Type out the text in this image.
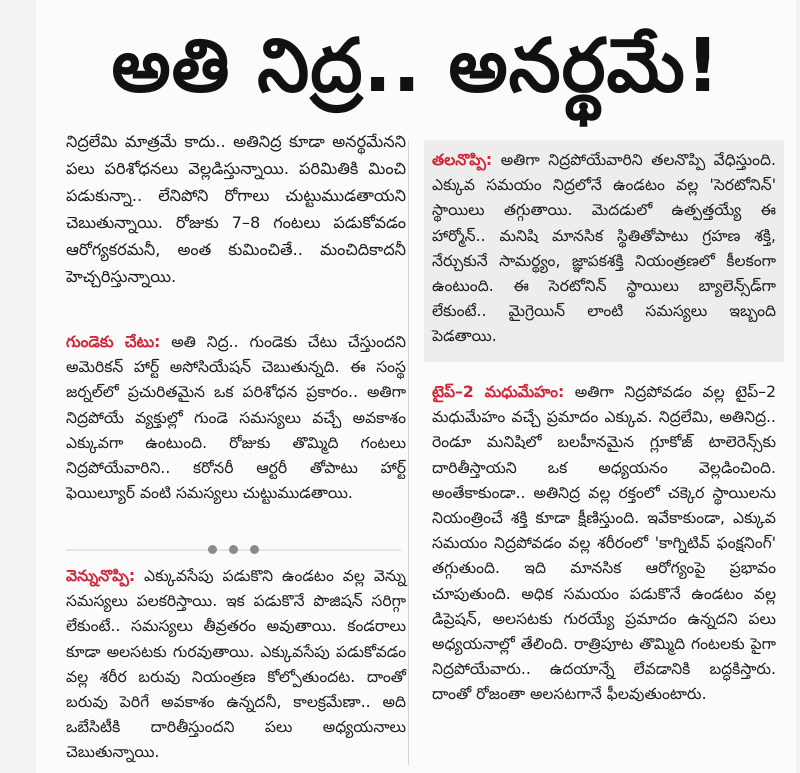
అతి నిద్ర.. అనర్థమే!

నిద్రలేమి మాత్రమే కాదు.. అతినిద్ర కూడా అనర్థమేనని పలు పరిశోధనలు వెల్లడిస్తున్నాయి. పరిమితికి మించి పడుకున్నా.. లేనిపోని రోగాలు చుట్టుముడతాయని చెబుతున్నాయి. రోజుకు 7–8 గంటలు పడుకోవడం ఆరోగ్యకరమనీ, అంత కుమించితే.. మంచిదికాదనీ హెచ్చరిస్తున్నాయి.

గుండెకు చేటు: అతి నిద్ర.. గుండెకు చేటు చేస్తుందని అమెరికన్ హార్ట్ అసోసియేషన్ చెబుతున్నది. ఈ సంస్థ జర్నల్‌లో ప్రచురితమైన ఒక పరిశోధన ప్రకారం.. అతిగా నిద్రపోయే వ్యక్తుల్లో గుండె సమస్యలు వచ్చే అవకాశం ఎక్కువగా ఉంటుంది. రోజుకు తొమ్మిది గంటలు నిద్రపోయేవారిని.. కరోనరీ ఆర్టరీ తోపాటు హార్ట్ ఫెయిల్యూర్ వంటి సమస్యలు చుట్టుముడతాయి.

వెన్నునొప్పి: ఎక్కువసేపు పడుకొని ఉండటం వల్ల వెన్ను సమస్యలు పలకరిస్తాయి. ఇక పడుకొనే పొజిషన్ సరిగ్గా లేకుంటే.. సమస్యలు తీవ్రతరం అవుతాయి. కండరాలు కూడా అలసటకు గురవుతాయి. ఎక్కువసేపు పడుకోవడం వల్ల శరీర బరువు నియంత్రణ కోల్పోతుందట. దాంతో బరువు పెరిగే అవకాశం ఉన్నదనీ, కాలక్రమేణా.. అది ఒబేసిటీకి దారితీస్తుందని పలు అధ్యయనాలు చెబుతున్నాయి.

తలనొప్పి: అతిగా నిద్రపోయేవారిని తలనొప్పి వేధిస్తుంది. ఎక్కువ సమయం నిద్రలోనే ఉండటం వల్ల 'సెరటోనిన్' స్థాయిలు తగ్గుతాయి. మెదడులో ఉత్పత్తయ్యే ఈ హార్మోన్.. మనిషి మానసిక స్థితితోపాటు గ్రహణ శక్తి, నేర్చుకునే సామర్థ్యం, జ్ఞాపకశక్తి నియంత్రణలో కీలకంగా ఉంటుంది. ఈ సెరటోనిన్ స్థాయిలు బ్యాలెన్స్‌డ్‌గా లేకుంటే.. మైగ్రెయిన్ లాంటి సమస్యలు ఇబ్బంది పెడతాయి.

టైప్‌–2 మధుమేహం: అతిగా నిద్రపోవడం వల్ల టైప్‌–2 మధుమేహం వచ్చే ప్రమాదం ఎక్కువ. నిద్రలేమి, అతినిద్ర.. రెండూ మనిషిలో బలహీనమైన గ్లూకోజ్ టాలెరెన్స్‌కు దారితీస్తాయని ఒక అధ్యయనం వెల్లడించింది. అంతేకాకుండా.. అతినిద్ర వల్ల రక్తంలో చక్కెర స్థాయిలను నియంత్రించే శక్తి కూడా క్షీణిస్తుంది. ఇవేకాకుండా, ఎక్కువ సమయం నిద్రపోవడం వల్ల శరీరంలో 'కాగ్నిటివ్ ఫంక్షనింగ్' తగ్గుతుంది. ఇది మానసిక ఆరోగ్యంపై ప్రభావం చూపుతుంది. అధిక సమయం పడుకొనే ఉండటం వల్ల డిప్రెషన్, అలసటకు గురయ్యే ప్రమాదం ఉన్నదని పలు అధ్యయనాల్లో తేలింది. రాత్రిపూట తొమ్మిది గంటలకు పైగా నిద్రపోయేవారు.. ఉదయాన్నే లేవడానికి బద్ధకిస్తారు. దాంతో రోజంతా అలసటగానే ఫీలవుతుంటారు.
